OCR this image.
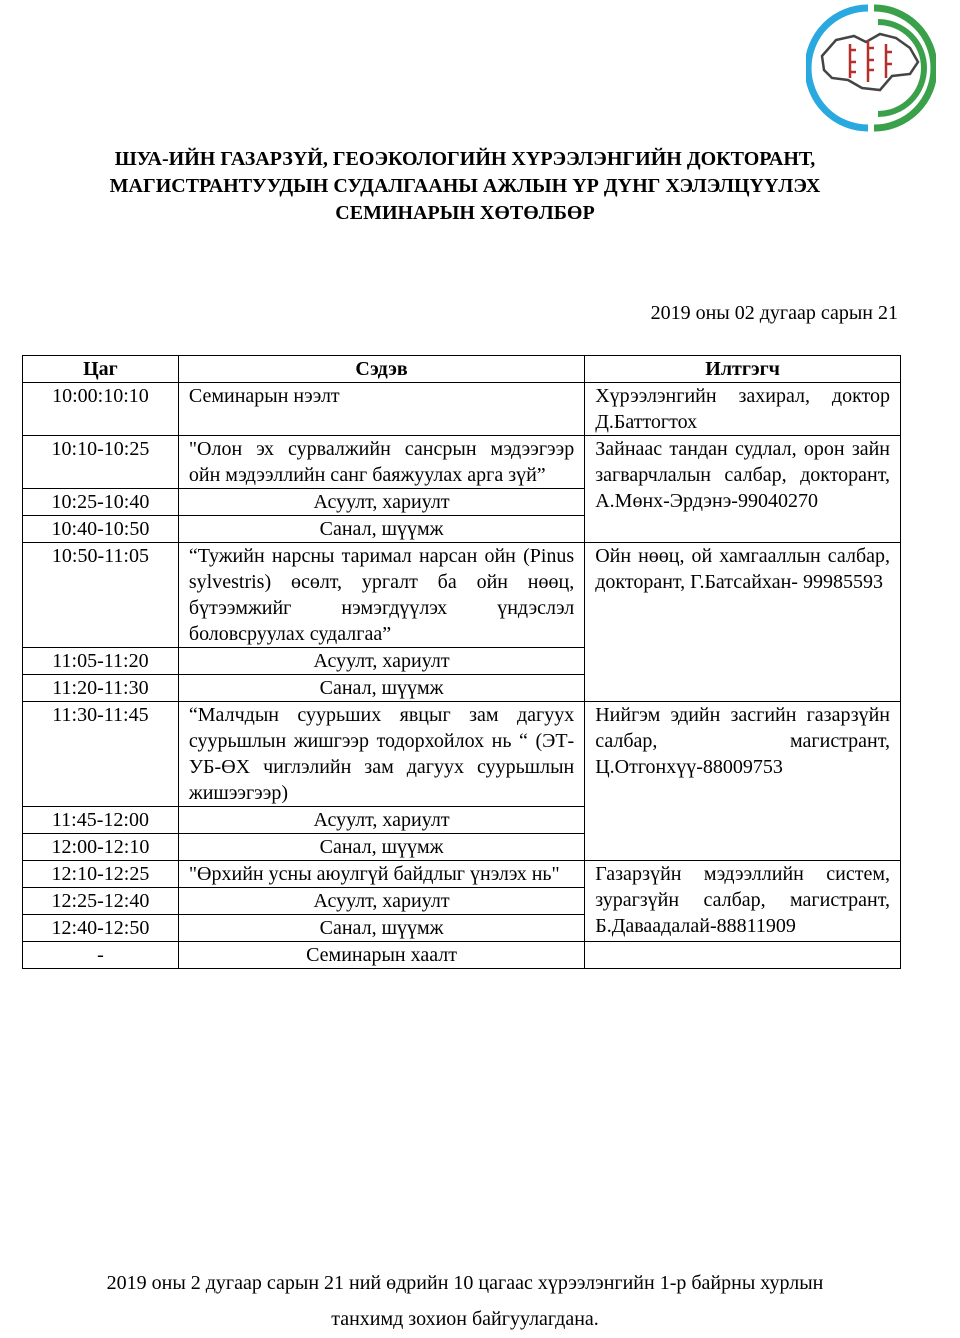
ШУА-ИЙН ГАЗАРЗҮЙ, ГЕОЭКОЛОГИЙН ХҮРЭЭЛЭНГИЙН ДОКТОРАНТ,
МАГИСТРАНТУУДЫН СУДАЛГААНЫ АЖЛЫН ҮР ДҮНГ ХЭЛЭЛЦҮҮЛЭХ
СЕМИНАРЫН ХӨТӨЛБӨР
2019 оны 02 дугаар сарын 21
Цаг	Сэдэв	Илтгэгч
10:00:10:10	Семинарын нээлт	Хүрээлэнгийн захирал, доктор Д.Баттогтох
10:10-10:25	"Олон эх сурвалжийн сансрын мэдээгээр ойн мэдээллийн санг баяжуулах арга зүй”	Зайнаас тандан судлал, орон зайн загварчлалын салбар, докторант, А.Мөнх-Эрдэнэ-99040270
10:25-10:40	Асуулт, хариулт	
10:40-10:50	Санал, шүүмж	
10:50-11:05	“Тужийн нарсны таримал нарсан ойн (Pinus sylvestris) өсөлт, ургалт ба ойн нөөц, бүтээмжийг нэмэгдүүлэх үндэслэл боловсруулах судалгаа”	Ойн нөөц, ой хамгааллын салбар, докторант, Г.Батсайхан- 99985593
11:05-11:20	Асуулт, хариулт	
11:20-11:30	Санал, шүүмж	
11:30-11:45	“Малчдын суурьших явцыг зам дагуух суурьшлын жишгээр тодорхойлох нь “ (ЭТ-УБ-ӨХ чиглэлийн зам дагуух суурьшлын жишээгээр)	Нийгэм эдийн засгийн газарзүйн салбар, магистрант, Ц.Отгонхүү-88009753
11:45-12:00	Асуулт, хариулт	
12:00-12:10	Санал, шүүмж	
12:10-12:25	"Өрхийн усны аюулгүй байдлыг үнэлэх нь"	Газарзүйн мэдээллийн систем, зурагзүйн салбар, магистрант, Б.Даваадалай-88811909
12:25-12:40	Асуулт, хариулт	
12:40-12:50	Санал, шүүмж	
-	Семинарын хаалт	
2019 оны 2 дугаар сарын 21 ний өдрийн 10 цагаас хүрээлэнгийн 1-р байрны хурлын
танхимд зохион байгуулагдана.
